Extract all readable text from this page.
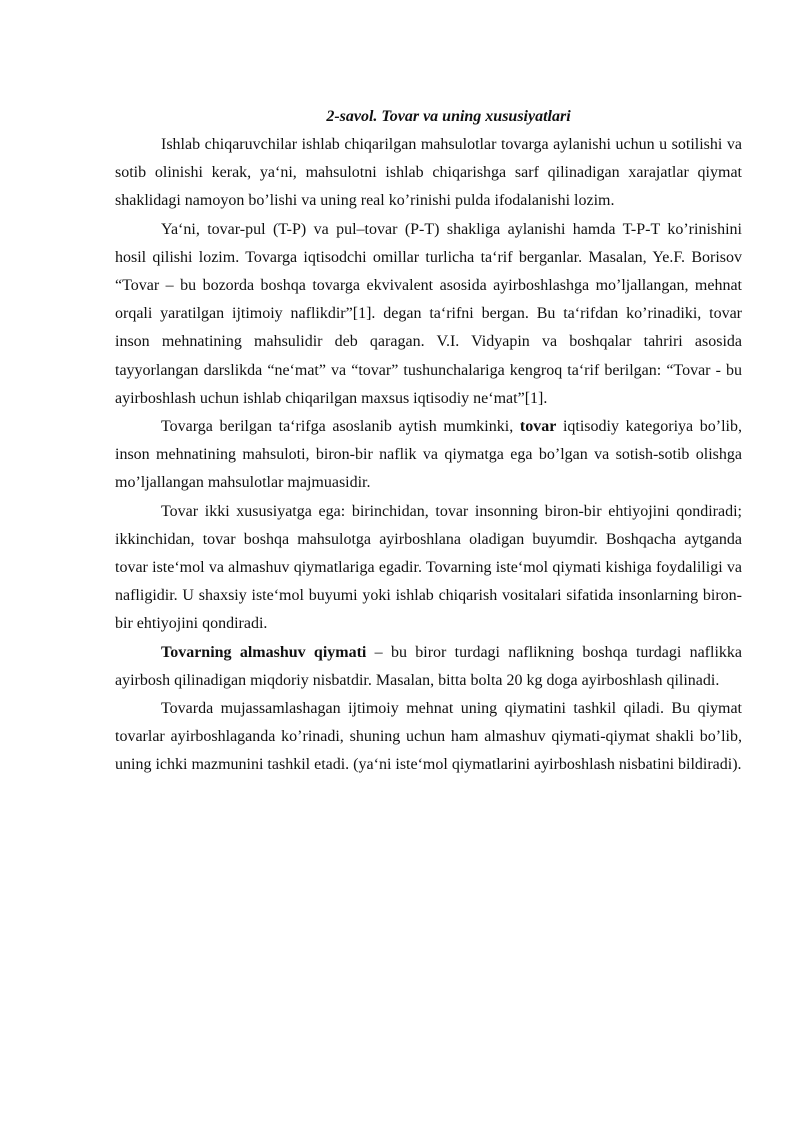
2-savol. Tovar va uning xususiyatlari

Ishlab chiqaruvchilar ishlab chiqarilgan mahsulotlar tovarga aylanishi uchun u sotilishi va sotib olinishi kerak, ya‘ni, mahsulotni ishlab chiqarishga sarf qilinadigan xarajatlar qiymat shaklidagi namoyon bo’lishi va uning real ko’rinishi pulda ifodalanishi lozim.

Ya‘ni, tovar-pul (T-P) va pul–tovar (P-T) shakliga aylanishi hamda T-P-T ko’rinishini hosil qilishi lozim. Tovarga iqtisodchi omillar turlicha ta‘rif berganlar. Masalan, Ye.F. Borisov “Tovar – bu bozorda boshqa tovarga ekvivalent asosida ayirboshlashga mo’ljallangan, mehnat orqali yaratilgan ijtimoiy naflikdir”[1]. degan ta‘rifni bergan. Bu ta‘rifdan ko’rinadiki, tovar inson mehnatining mahsulidir deb qaragan. V.I. Vidyapin va boshqalar tahriri asosida tayyorlangan darslikda “ne‘mat” va “tovar” tushunchalariga kengroq ta‘rif berilgan: “Tovar - bu ayirboshlash uchun ishlab chiqarilgan maxsus iqtisodiy ne‘mat”[1].

Tovarga berilgan ta‘rifga asoslanib aytish mumkinki, tovar iqtisodiy kategoriya bo’lib, inson mehnatining mahsuloti, biron-bir naflik va qiymatga ega bo’lgan va sotish-sotib olishga mo’ljallangan mahsulotlar majmuasidir.

Tovar ikki xususiyatga ega: birinchidan, tovar insonning biron-bir ehtiyojini qondiradi; ikkinchidan, tovar boshqa mahsulotga ayirboshlana oladigan buyumdir. Boshqacha aytganda tovar iste‘mol va almashuv qiymatlariga egadir. Tovarning iste‘mol qiymati kishiga foydaliligi va nafligidir. U shaxsiy iste‘mol buyumi yoki ishlab chiqarish vositalari sifatida insonlarning biron-bir ehtiyojini qondiradi.

Tovarning almashuv qiymati – bu biror turdagi naflikning boshqa turdagi naflikka ayirbosh qilinadigan miqdoriy nisbatdir. Masalan, bitta bolta 20 kg doga ayirboshlash qilinadi.

Tovarda mujassamlashagan ijtimoiy mehnat uning qiymatini tashkil qiladi. Bu qiymat tovarlar ayirboshlaganda ko’rinadi, shuning uchun ham almashuv qiymati-qiymat shakli bo’lib, uning ichki mazmunini tashkil etadi. (ya‘ni iste‘mol qiymatlarini ayirboshlash nisbatini bildiradi).
